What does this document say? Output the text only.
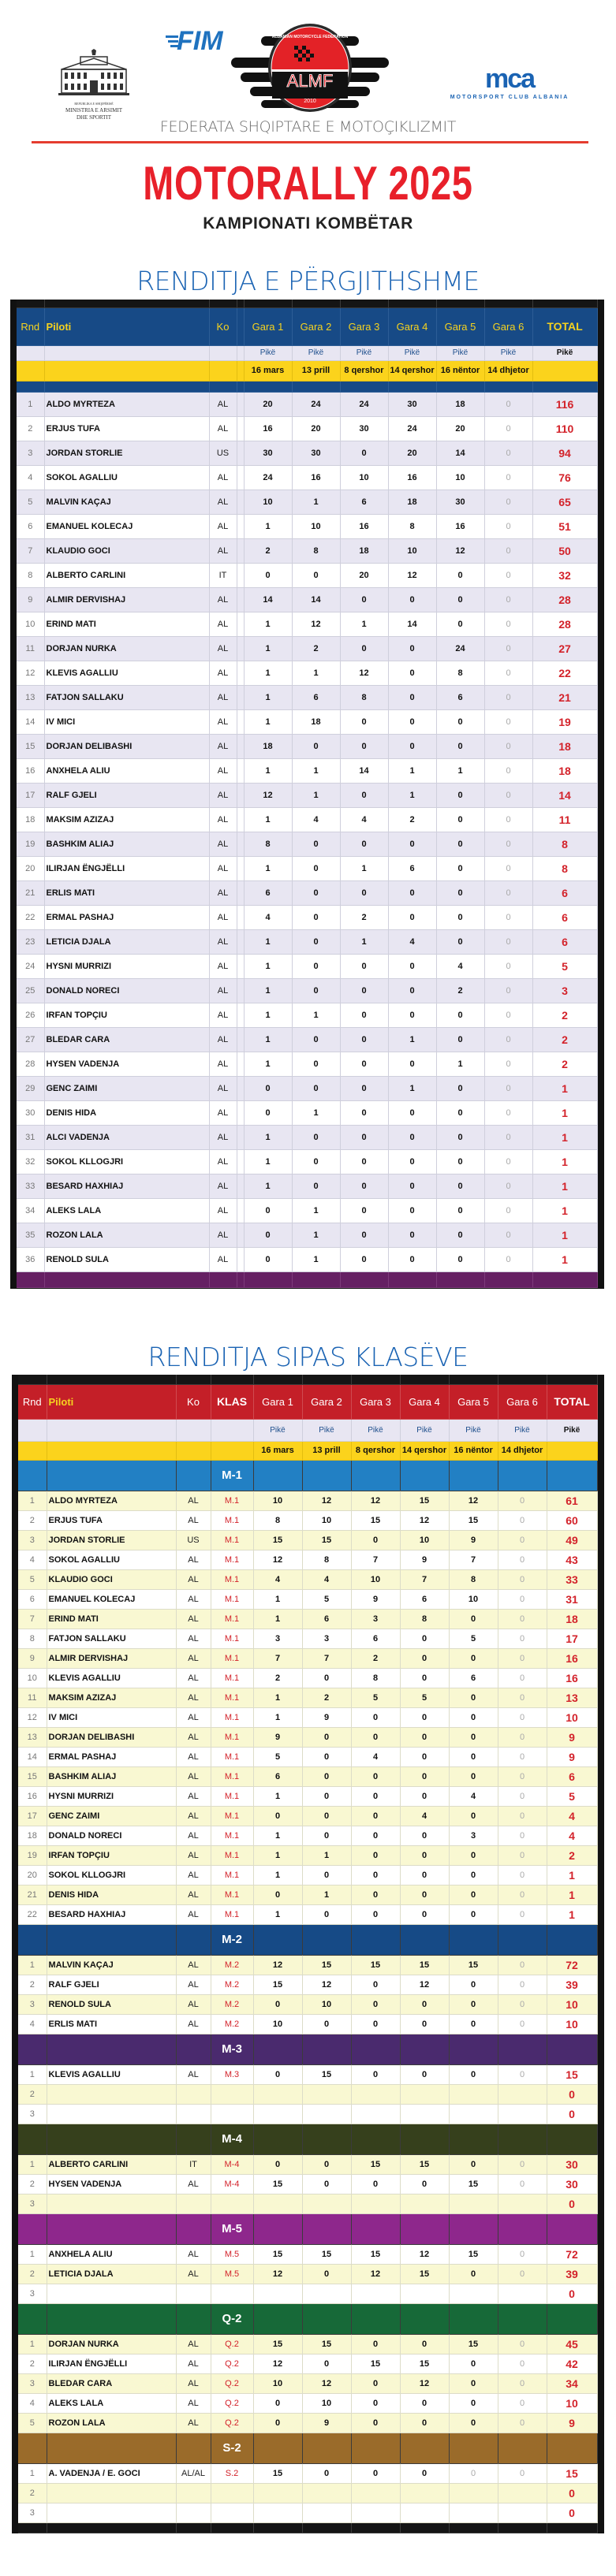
REPUBLIKA E SHQIPËRISË
MINISTRIA E ARSIMIT
DHE SPORTIT
FIM	ALBANIAN MOTORCYCLE FEDERATION
ALMF
2010
mca
MOTORSPORT CLUB ALBANIA
FEDERATA SHQIPTARE E MOTOÇIKLIZMIT
MOTORALLY 2025
KAMPIONATI KOMBËTAR
RENDITJA E PËRGJITHSHME

Rnd	Piloti	Ko		Gara 1	Gara 2	Gara 3	Gara 4	Gara 5	Gara 6	TOTAL
				Pikë	Pikë	Pikë	Pikë	Pikë	Pikë	Pikë
				16 mars	13 prill	8 qershor	14 qershor	16 nëntor	14 dhjetor	

1	ALDO MYRTEZA	AL		20	24	24	30	18	0	116
2	ERJUS TUFA	AL		16	20	30	24	20	0	110
3	JORDAN STORLIE	US		30	30	0	20	14	0	94
4	SOKOL AGALLIU	AL		24	16	10	16	10	0	76
5	MALVIN KAÇAJ	AL		10	1	6	18	30	0	65
6	EMANUEL KOLECAJ	AL		1	10	16	8	16	0	51
7	KLAUDIO GOCI	AL		2	8	18	10	12	0	50
8	ALBERTO CARLINI	IT		0	0	20	12	0	0	32
9	ALMIR DERVISHAJ	AL		14	14	0	0	0	0	28
10	ERIND MATI	AL		1	12	1	14	0	0	28
11	DORJAN NURKA	AL		1	2	0	0	24	0	27
12	KLEVIS AGALLIU	AL		1	1	12	0	8	0	22
13	FATJON SALLAKU	AL		1	6	8	0	6	0	21
14	IV MICI	AL		1	18	0	0	0	0	19
15	DORJAN DELIBASHI	AL		18	0	0	0	0	0	18
16	ANXHELA ALIU	AL		1	1	14	1	1	0	18
17	RALF GJELI	AL		12	1	0	1	0	0	14
18	MAKSIM AZIZAJ	AL		1	4	4	2	0	0	11
19	BASHKIM ALIAJ	AL		8	0	0	0	0	0	8
20	ILIRJAN ËNGJËLLI	AL		1	0	1	6	0	0	8
21	ERLIS MATI	AL		6	0	0	0	0	0	6
22	ERMAL PASHAJ	AL		4	0	2	0	0	0	6
23	LETICIA DJALA	AL		1	0	1	4	0	0	6
24	HYSNI MURRIZI	AL		1	0	0	0	4	0	5
25	DONALD NORECI	AL		1	0	0	0	2	0	3
26	IRFAN TOPÇIU	AL		1	1	0	0	0	0	2
27	BLEDAR CARA	AL		1	0	0	1	0	0	2
28	HYSEN VADENJA	AL		1	0	0	0	1	0	2
29	GENC ZAIMI	AL		0	0	0	1	0	0	1
30	DENIS HIDA	AL		0	1	0	0	0	0	1
31	ALCI VADENJA	AL		1	0	0	0	0	0	1
32	SOKOL KLLOGJRI	AL		1	0	0	0	0	0	1
33	BESARD HAXHIAJ	AL		1	0	0	0	0	0	1
34	ALEKS LALA	AL		0	1	0	0	0	0	1
35	ROZON LALA	AL		0	1	0	0	0	0	1
36	RENOLD SULA	AL		0	1	0	0	0	0	1

RENDITJA SIPAS KLASËVE

Rnd	Piloti	Ko	KLAS	Gara 1	Gara 2	Gara 3	Gara 4	Gara 5	Gara 6	TOTAL
				Pikë	Pikë	Pikë	Pikë	Pikë	Pikë	Pikë
				16 mars	13 prill	8 qershor	14 qershor	16 nëntor	14 dhjetor	
			M-1							
1	ALDO MYRTEZA	AL	M.1	10	12	12	15	12	0	61
2	ERJUS TUFA	AL	M.1	8	10	15	12	15	0	60
3	JORDAN STORLIE	US	M.1	15	15	0	10	9	0	49
4	SOKOL AGALLIU	AL	M.1	12	8	7	9	7	0	43
5	KLAUDIO GOCI	AL	M.1	4	4	10	7	8	0	33
6	EMANUEL KOLECAJ	AL	M.1	1	5	9	6	10	0	31
7	ERIND MATI	AL	M.1	1	6	3	8	0	0	18
8	FATJON SALLAKU	AL	M.1	3	3	6	0	5	0	17
9	ALMIR DERVISHAJ	AL	M.1	7	7	2	0	0	0	16
10	KLEVIS AGALLIU	AL	M.1	2	0	8	0	6	0	16
11	MAKSIM AZIZAJ	AL	M.1	1	2	5	5	0	0	13
12	IV MICI	AL	M.1	1	9	0	0	0	0	10
13	DORJAN DELIBASHI	AL	M.1	9	0	0	0	0	0	9
14	ERMAL PASHAJ	AL	M.1	5	0	4	0	0	0	9
15	BASHKIM ALIAJ	AL	M.1	6	0	0	0	0	0	6
16	HYSNI MURRIZI	AL	M.1	1	0	0	0	4	0	5
17	GENC ZAIMI	AL	M.1	0	0	0	4	0	0	4
18	DONALD NORECI	AL	M.1	1	0	0	0	3	0	4
19	IRFAN TOPÇIU	AL	M.1	1	1	0	0	0	0	2
20	SOKOL KLLOGJRI	AL	M.1	1	0	0	0	0	0	1
21	DENIS HIDA	AL	M.1	0	1	0	0	0	0	1
22	BESARD HAXHIAJ	AL	M.1	1	0	0	0	0	0	1
			M-2							
1	MALVIN KAÇAJ	AL	M.2	12	15	15	15	15	0	72
2	RALF GJELI	AL	M.2	15	12	0	12	0	0	39
3	RENOLD SULA	AL	M.2	0	10	0	0	0	0	10
4	ERLIS MATI	AL	M.2	10	0	0	0	0	0	10
			M-3							
1	KLEVIS AGALLIU	AL	M.3	0	15	0	0	0	0	15
2										0
3										0
			M-4							
1	ALBERTO CARLINI	IT	M-4	0	0	15	15	0	0	30
2	HYSEN VADENJA	AL	M-4	15	0	0	0	15	0	30
3										0
			M-5							
1	ANXHELA ALIU	AL	M.5	15	15	15	12	15	0	72
2	LETICIA DJALA	AL	M.5	12	0	12	15	0	0	39
3										0
			Q-2							
1	DORJAN NURKA	AL	Q.2	15	15	0	0	15	0	45
2	ILIRJAN ËNGJËLLI	AL	Q.2	12	0	15	15	0	0	42
3	BLEDAR CARA	AL	Q.2	10	12	0	12	0	0	34
4	ALEKS LALA	AL	Q.2	0	10	0	0	0	0	10
5	ROZON LALA	AL	Q.2	0	9	0	0	0	0	9
			S-2							
1	A. VADENJA / E. GOCI	AL/AL	S.2	15	0	0	0	0	0	15
2										0
3										0
